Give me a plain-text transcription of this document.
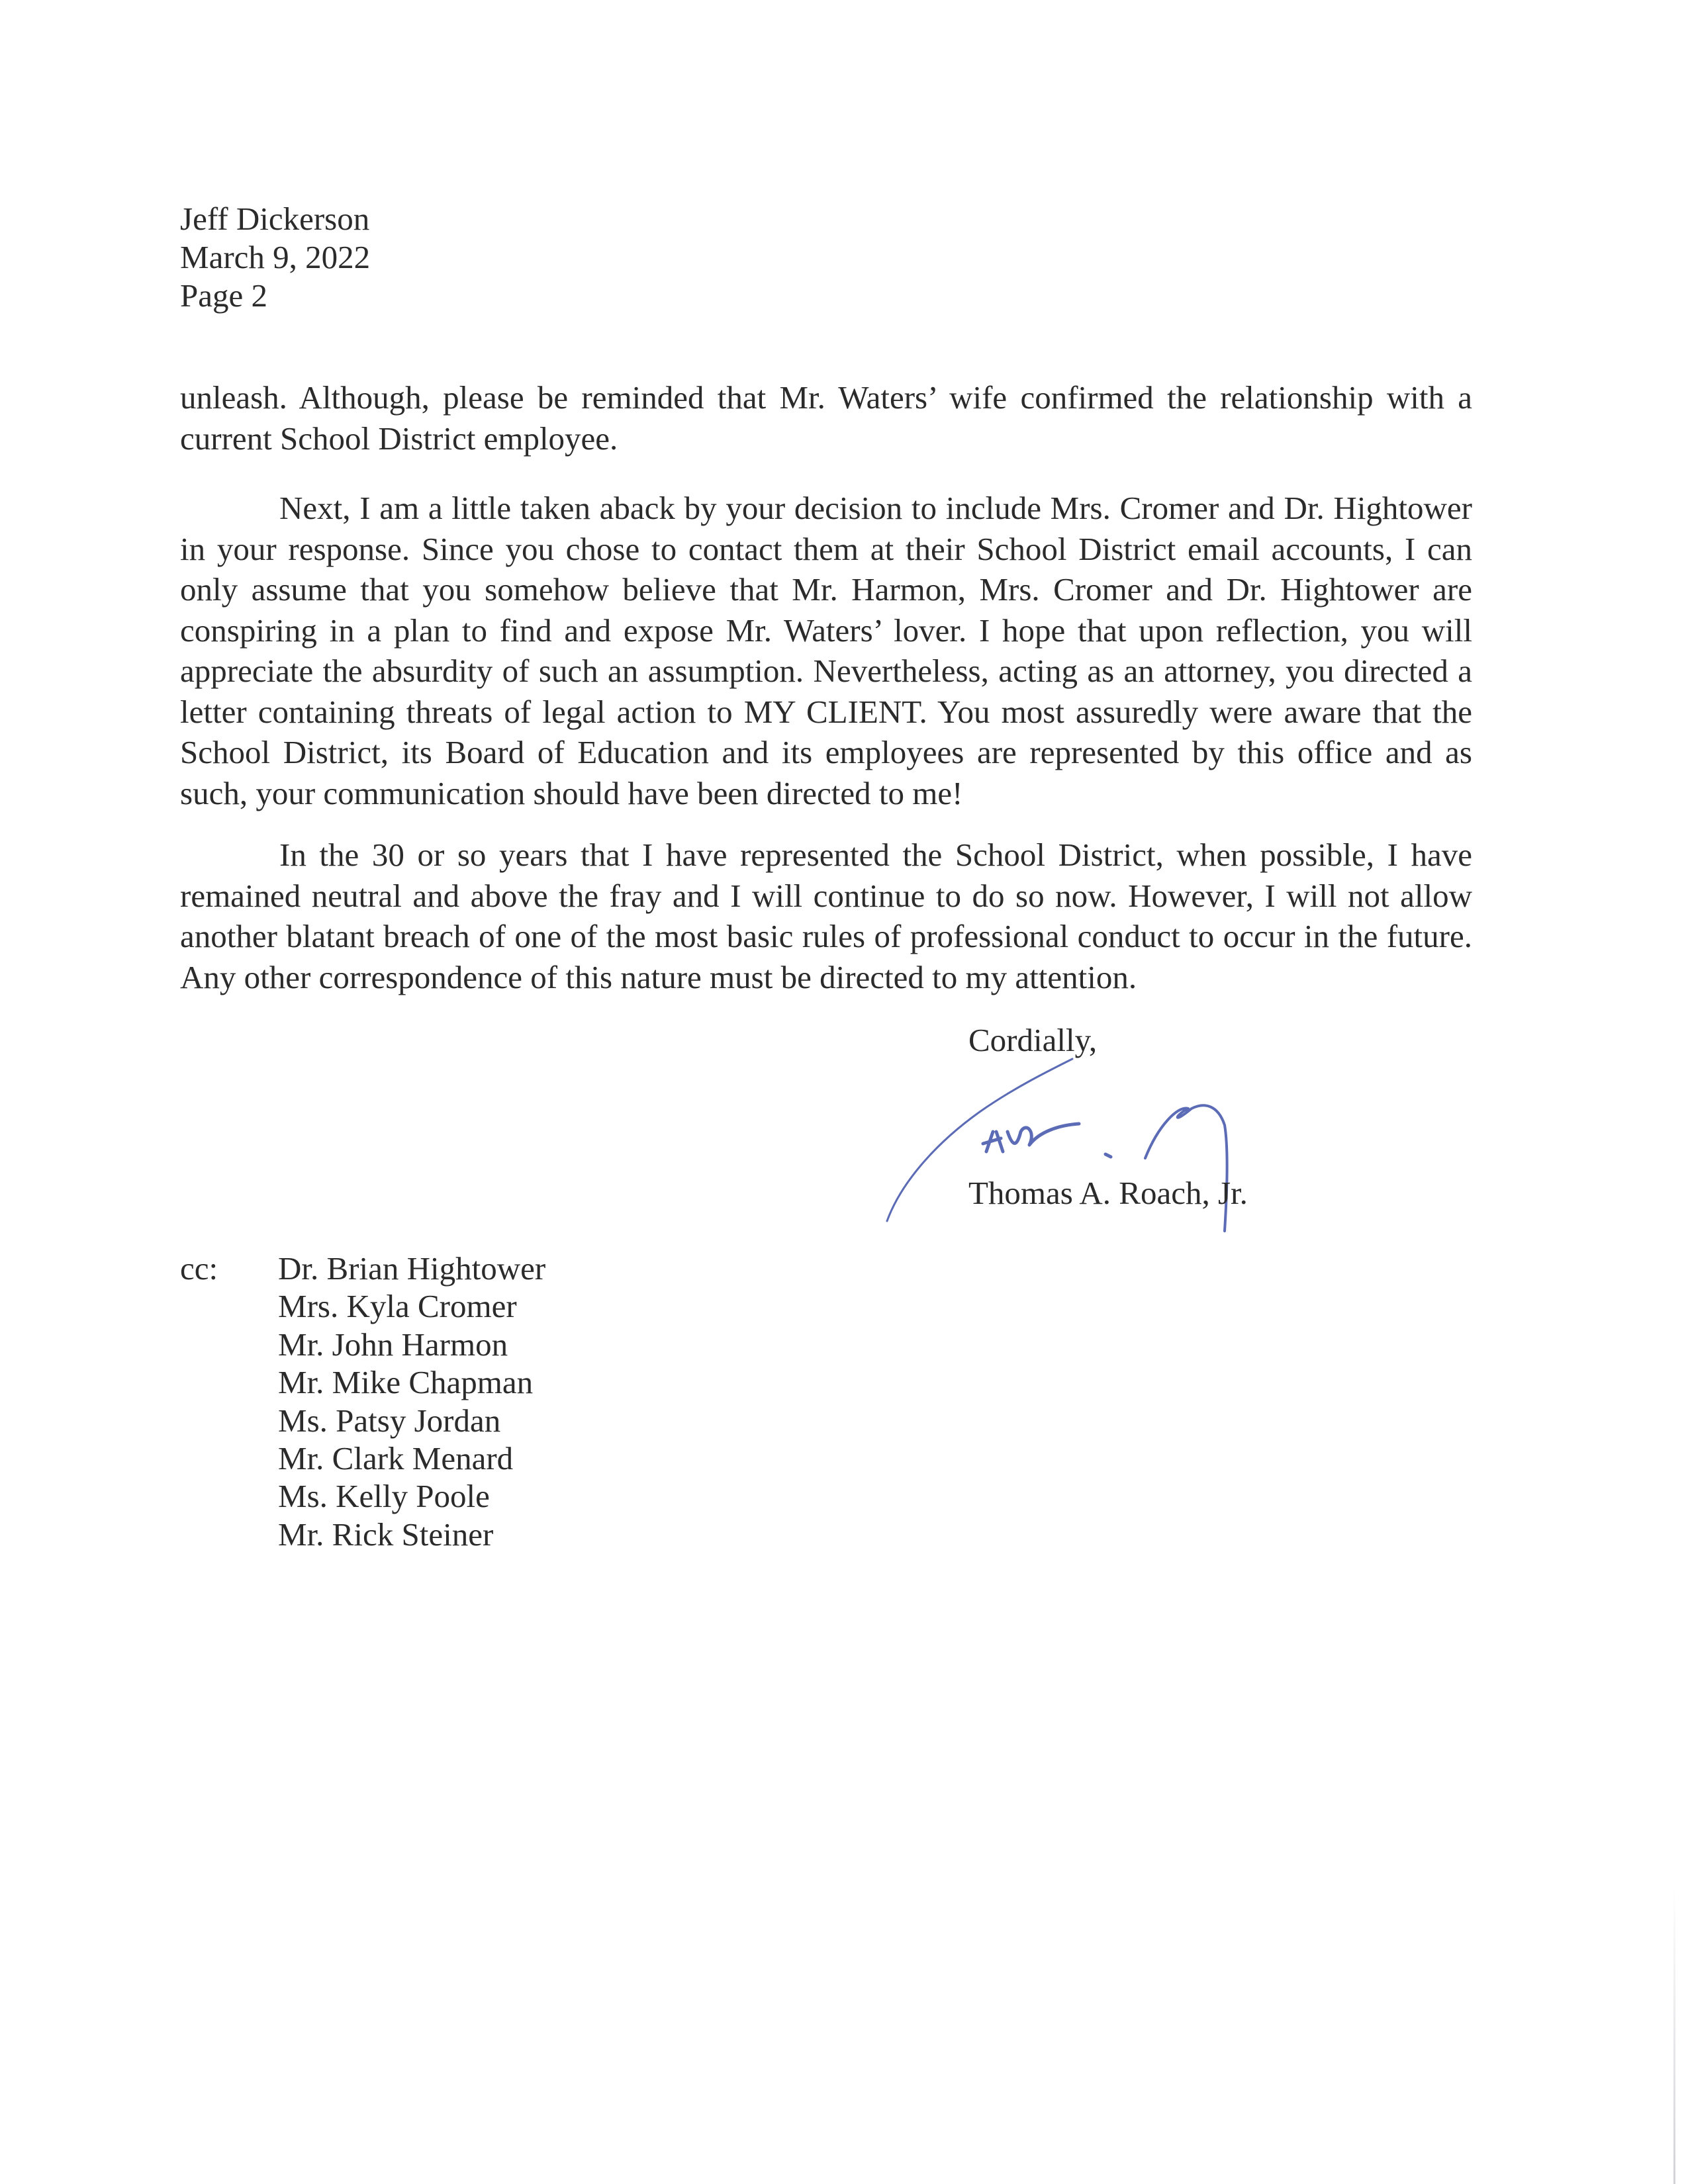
Jeff Dickerson
March 9, 2022
Page 2
unleash. Although, please be reminded that Mr. Waters’ wife confirmed the relationship with a current School District employee.
Next, I am a little taken aback by your decision to include Mrs. Cromer and Dr. Hightower in your response. Since you chose to contact them at their School District email accounts, I can only assume that you somehow believe that Mr. Harmon, Mrs. Cromer and Dr. Hightower are conspiring in a plan to find and expose Mr. Waters’ lover. I hope that upon reflection, you will appreciate the absurdity of such an assumption. Nevertheless, acting as an attorney, you directed a letter containing threats of legal action to MY CLIENT. You most assuredly were aware that the School District, its Board of Education and its employees are represented by this office and as such, your communication should have been directed to me!
In the 30 or so years that I have represented the School District, when possible, I have remained neutral and above the fray and I will continue to do so now. However, I will not allow another blatant breach of one of the most basic rules of professional conduct to occur in the future. Any other correspondence of this nature must be directed to my attention.
Cordially,
Thomas A. Roach, Jr.
cc: Dr. Brian Hightower
Mrs. Kyla Cromer
Mr. John Harmon
Mr. Mike Chapman
Ms. Patsy Jordan
Mr. Clark Menard
Ms. Kelly Poole
Mr. Rick Steiner
